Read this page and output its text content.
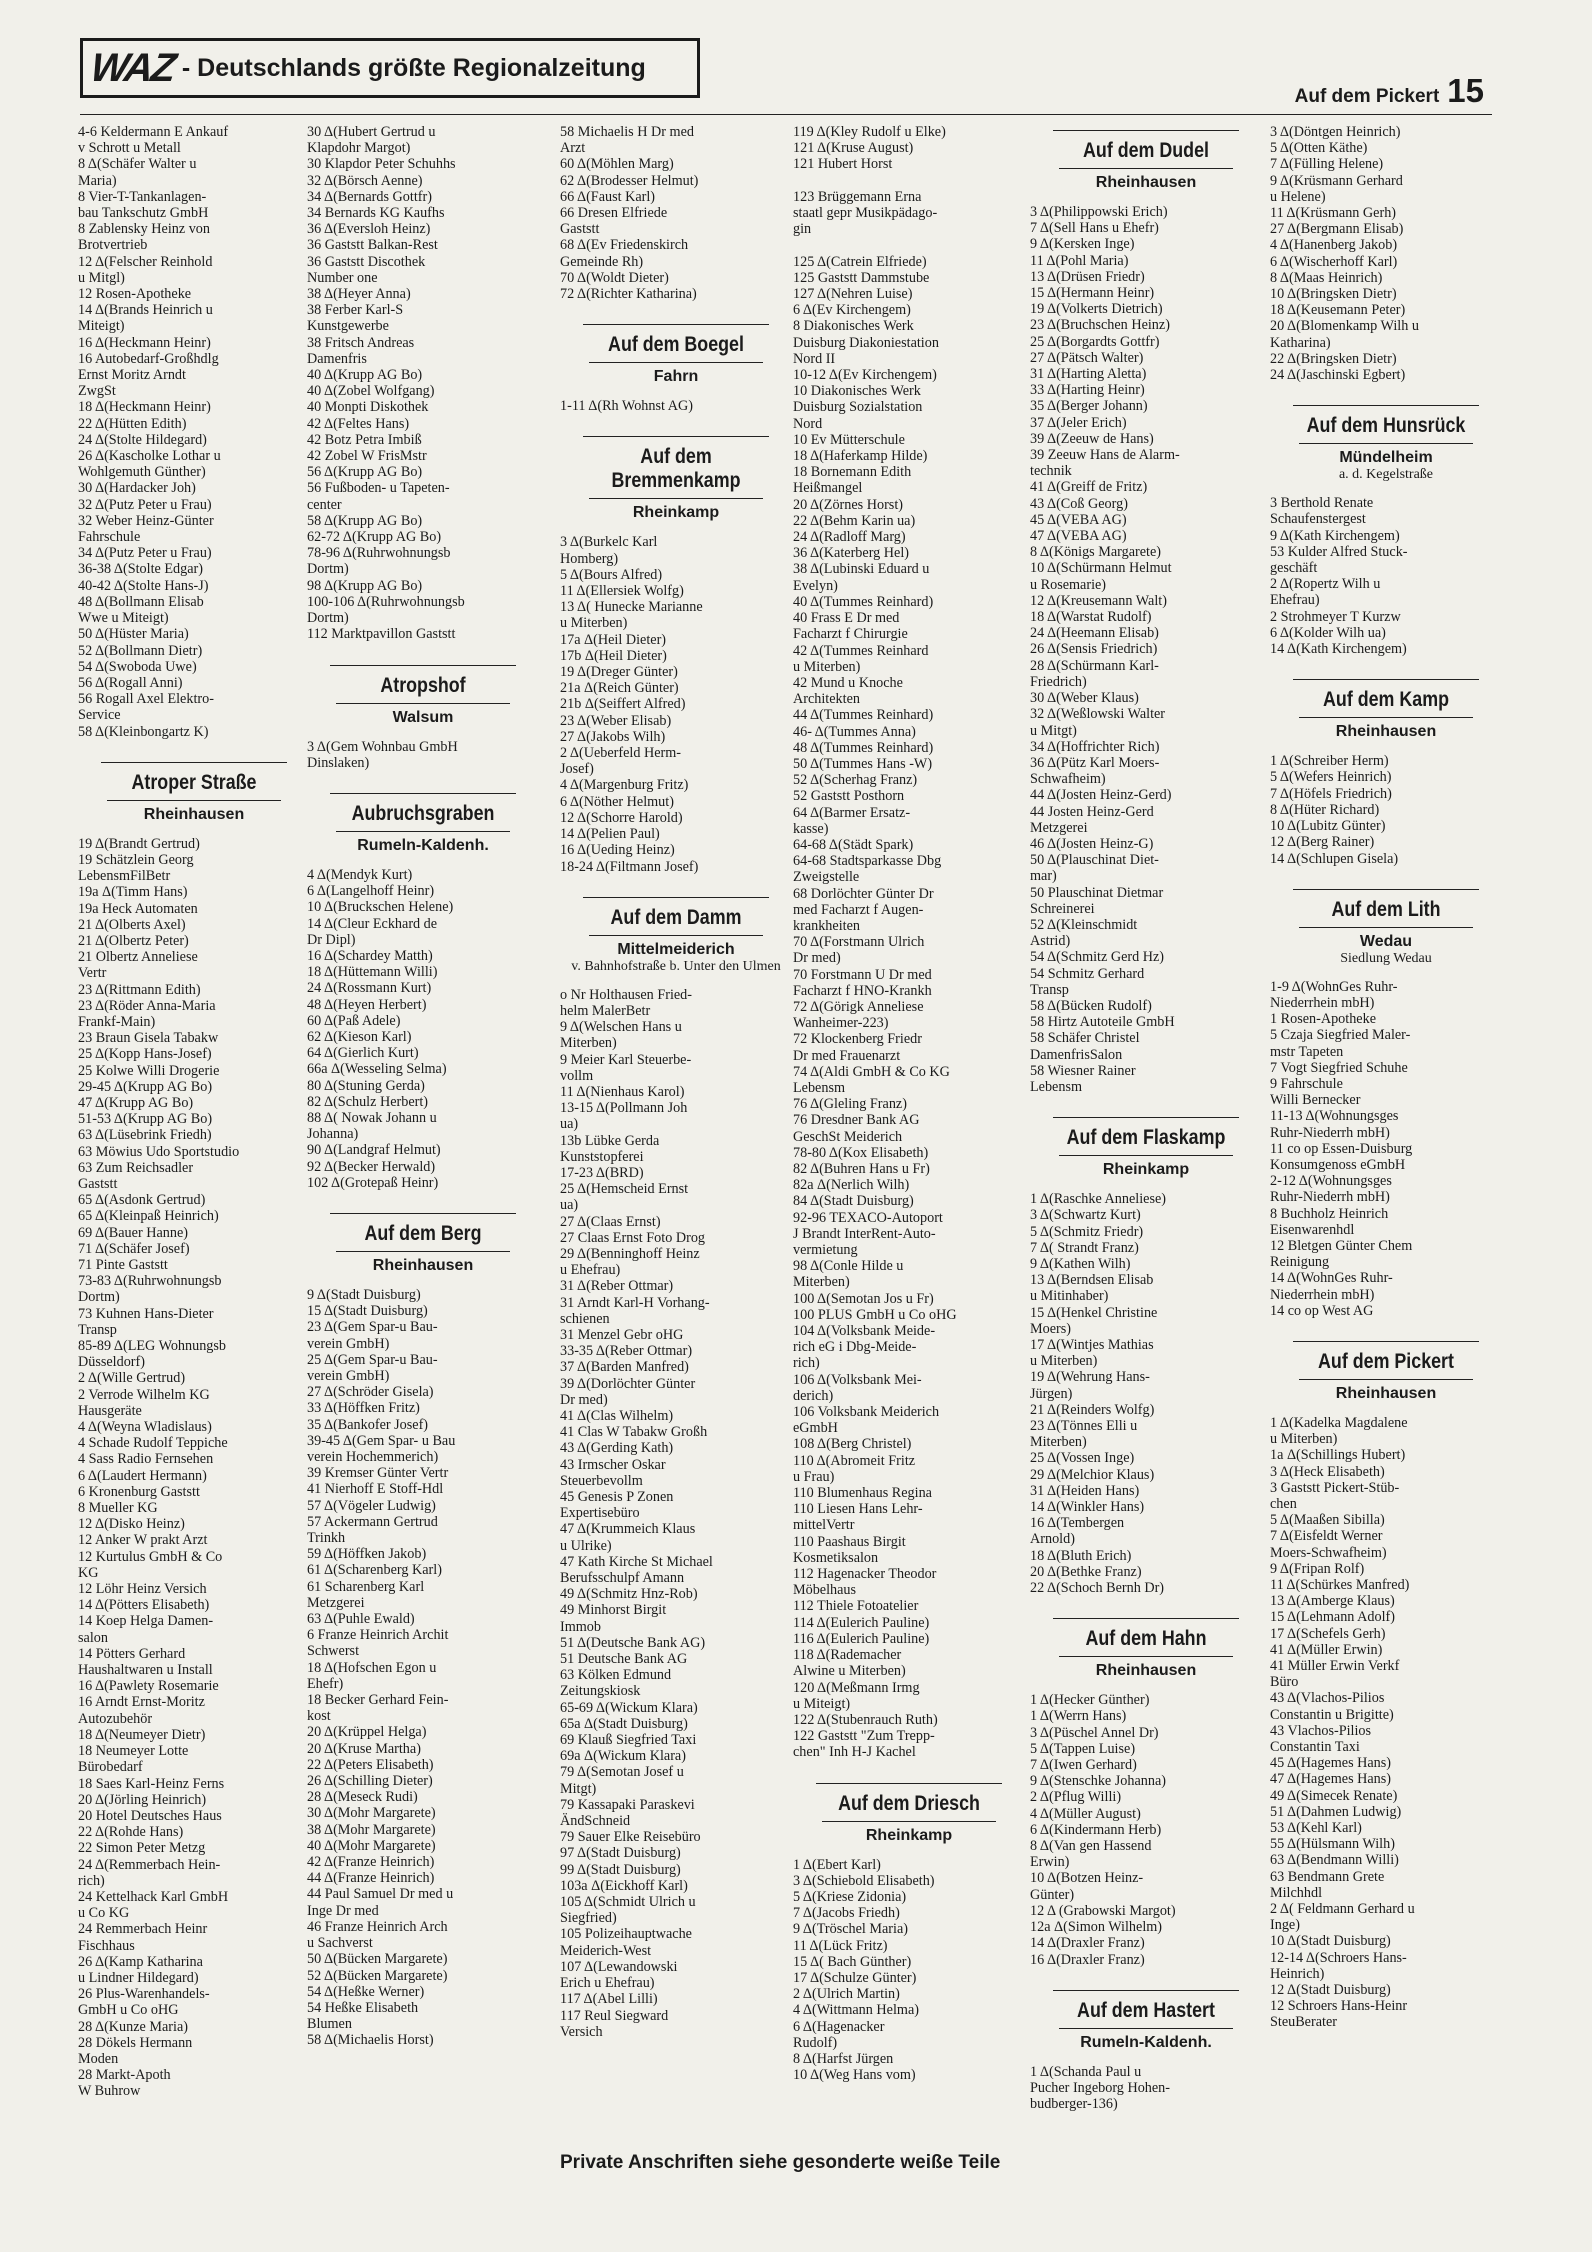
WAZ - Deutschlands größte Regionalzeitung
Auf dem Pickert 15
4-6 Keldermann E Ankauf
v Schrott u Metall
8 Δ(Schäfer Walter u
Maria)
8 Vier-T-Tankanlagen-
bau Tankschutz GmbH
8 Zablensky Heinz von
Brotvertrieb
12 Δ(Felscher Reinhold
u Mitgl)
12 Rosen-Apotheke
14 Δ(Brands Heinrich u
Miteigt)
16 Δ(Heckmann Heinr)
16 Autobedarf-Großhdlg
Ernst Moritz Arndt
ZwgSt
18 Δ(Heckmann Heinr)
22 Δ(Hütten Edith)
24 Δ(Stolte Hildegard)
26 Δ(Kascholke Lothar u
Wohlgemuth Günther)
30 Δ(Hardacker Joh)
32 Δ(Putz Peter u Frau)
32 Weber Heinz-Günter
Fahrschule
34 Δ(Putz Peter u Frau)
36-38 Δ(Stolte Edgar)
40-42 Δ(Stolte Hans-J)
48 Δ(Bollmann Elisab
Wwe u Miteigt)
50 Δ(Hüster Maria)
52 Δ(Bollmann Dietr)
54 Δ(Swoboda Uwe)
56 Δ(Rogall Anni)
56 Rogall Axel Elektro-
Service
58 Δ(Kleinbongartz K)
Atroper Straße
Rheinhausen
19 Δ(Brandt Gertrud)
19 Schätzlein Georg
LebensmFilBetr
19a Δ(Timm Hans)
19a Heck Automaten
21 Δ(Olberts Axel)
21 Δ(Olbertz Peter)
21 Olbertz Anneliese
Vertr
23 Δ(Rittmann Edith)
23 Δ(Röder Anna-Maria
Frankf-Main)
23 Braun Gisela Tabakw
25 Δ(Kopp Hans-Josef)
25 Kolwe Willi Drogerie
29-45 Δ(Krupp AG Bo)
47 Δ(Krupp AG Bo)
51-53 Δ(Krupp AG Bo)
63 Δ(Lüsebrink Friedh)
63 Möwius Udo Sportstudio
63 Zum Reichsadler
Gaststt
65 Δ(Asdonk Gertrud)
65 Δ(Kleinpaß Heinrich)
69 Δ(Bauer Hanne)
71 Δ(Schäfer Josef)
71 Pinte Gaststt
73-83 Δ(Ruhrwohnungsb
Dortm)
73 Kuhnen Hans-Dieter
Transp
85-89 Δ(LEG Wohnungsb
Düsseldorf)
2 Δ(Wille Gertrud)
2 Verrode Wilhelm KG
Hausgeräte
4 Δ(Weyna Wladislaus)
4 Schade Rudolf Teppiche
4 Sass Radio Fernsehen
6 Δ(Laudert Hermann)
6 Kronenburg Gaststt
8 Mueller KG
12 Δ(Disko Heinz)
12 Anker W prakt Arzt
12 Kurtulus GmbH & Co
KG
12 Löhr Heinz Versich
14 Δ(Pötters Elisabeth)
14 Koep Helga Damen-
salon
14 Pötters Gerhard
Haushaltwaren u Install
16 Δ(Pawlety Rosemarie
16 Arndt Ernst-Moritz
Autozubehör
18 Δ(Neumeyer Dietr)
18 Neumeyer Lotte
Bürobedarf
18 Saes Karl-Heinz Ferns
20 Δ(Jörling Heinrich)
20 Hotel Deutsches Haus
22 Δ(Rohde Hans)
22 Simon Peter Metzg
24 Δ(Remmerbach Hein-
rich)
24 Kettelhack Karl GmbH
u Co KG
24 Remmerbach Heinr
Fischhaus
26 Δ(Kamp Katharina
u Lindner Hildegard)
26 Plus-Warenhandels-
GmbH u Co oHG
28 Δ(Kunze Maria)
28 Dökels Hermann
Moden
28 Markt-Apoth
W Buhrow
30 Δ(Hubert Gertrud u
Klapdohr Margot)
30 Klapdor Peter Schuhhs
32 Δ(Börsch Aenne)
34 Δ(Bernards Gottfr)
34 Bernards KG Kaufhs
36 Δ(Eversloh Heinz)
36 Gaststt Balkan-Rest
36 Gaststt Discothek
Number one
38 Δ(Heyer Anna)
38 Ferber Karl-S
Kunstgewerbe
38 Fritsch Andreas
Damenfris
40 Δ(Krupp AG Bo)
40 Δ(Zobel Wolfgang)
40 Monpti Diskothek
42 Δ(Feltes Hans)
42 Botz Petra Imbiß
42 Zobel W FrisMstr
56 Δ(Krupp AG Bo)
56 Fußboden- u Tapeten-
center
58 Δ(Krupp AG Bo)
62-72 Δ(Krupp AG Bo)
78-96 Δ(Ruhrwohnungsb
Dortm)
98 Δ(Krupp AG Bo)
100-106 Δ(Ruhrwohnungsb
Dortm)
112 Marktpavillon Gaststt
Atropshof
Walsum
3 Δ(Gem Wohnbau GmbH
Dinslaken)
Aubruchsgraben
Rumeln-Kaldenh.
4 Δ(Mendyk Kurt)
6 Δ(Langelhoff Heinr)
10 Δ(Bruckschen Helene)
14 Δ(Cleur Eckhard de
Dr Dipl)
16 Δ(Schardey Matth)
18 Δ(Hüttemann Willi)
24 Δ(Rossmann Kurt)
48 Δ(Heyen Herbert)
60 Δ(Paß Adele)
62 Δ(Kieson Karl)
64 Δ(Gierlich Kurt)
66a Δ(Wesseling Selma)
80 Δ(Stuning Gerda)
82 Δ(Schulz Herbert)
88 Δ( Nowak Johann u
Johanna)
90 Δ(Landgraf Helmut)
92 Δ(Becker Herwald)
102 Δ(Grotepaß Heinr)
Auf dem Berg
Rheinhausen
9 Δ(Stadt Duisburg)
15 Δ(Stadt Duisburg)
23 Δ(Gem Spar-u Bau-
verein GmbH)
25 Δ(Gem Spar-u Bau-
verein GmbH)
27 Δ(Schröder Gisela)
33 Δ(Höffken Fritz)
35 Δ(Bankofer Josef)
39-45 Δ(Gem Spar- u Bau
verein Hochemmerich)
39 Kremser Günter Vertr
41 Nierhoff E Stoff-Hdl
57 Δ(Vögeler Ludwig)
57 Ackermann Gertrud
Trinkh
59 Δ(Höffken Jakob)
61 Δ(Scharenberg Karl)
61 Scharenberg Karl
Metzgerei
63 Δ(Puhle Ewald)
6 Franze Heinrich Archit
Schwerst
18 Δ(Hofschen Egon u
Ehefr)
18 Becker Gerhard Fein-
kost
20 Δ(Krüppel Helga)
20 Δ(Kruse Martha)
22 Δ(Peters Elisabeth)
26 Δ(Schilling Dieter)
28 Δ(Meseck Rudi)
30 Δ(Mohr Margarete)
38 Δ(Mohr Margarete)
40 Δ(Mohr Margarete)
42 Δ(Franze Heinrich)
44 Δ(Franze Heinrich)
44 Paul Samuel Dr med u
Inge Dr med
46 Franze Heinrich Arch
u Sachverst
50 Δ(Bücken Margarete)
52 Δ(Bücken Margarete)
54 Δ(Heßke Werner)
54 Heßke Elisabeth
Blumen
58 Δ(Michaelis Horst)
58 Michaelis H Dr med
Arzt
60 Δ(Möhlen Marg)
62 Δ(Brodesser Helmut)
66 Δ(Faust Karl)
66 Dresen Elfriede
Gaststt
68 Δ(Ev Friedenskirch
Gemeinde Rh)
70 Δ(Woldt Dieter)
72 Δ(Richter Katharina)
Auf dem Boegel
Fahrn
1-11 Δ(Rh Wohnst AG)
Auf dem Bremmenkamp
Rheinkamp
3 Δ(Burkelc Karl
Homberg)
5 Δ(Bours Alfred)
11 Δ(Ellersiek Wolfg)
13 Δ( Hunecke Marianne
u Miterben)
17a Δ(Heil Dieter)
17b Δ(Heil Dieter)
19 Δ(Dreger Günter)
21a Δ(Reich Günter)
21b Δ(Seiffert Alfred)
23 Δ(Weber Elisab)
27 Δ(Jakobs Wilh)
2 Δ(Ueberfeld Herm-
Josef)
4 Δ(Margenburg Fritz)
6 Δ(Nöther Helmut)
12 Δ(Schorre Harold)
14 Δ(Pelien Paul)
16 Δ(Ueding Heinz)
18-24 Δ(Filtmann Josef)
Auf dem Damm
Mittelmeiderich
v. Bahnhofstraße b. Unter den Ulmen
o Nr Holthausen Fried-
helm MalerBetr
9 Δ(Welschen Hans u
Miterben)
9 Meier Karl Steuerbe-
vollm
11 Δ(Nienhaus Karol)
13-15 Δ(Pollmann Joh
ua)
13b Lübke Gerda
Kunststopferei
17-23 Δ(BRD)
25 Δ(Hemscheid Ernst
ua)
27 Δ(Claas Ernst)
27 Claas Ernst Foto Drog
29 Δ(Benninghoff Heinz
u Ehefrau)
31 Δ(Reber Ottmar)
31 Arndt Karl-H Vorhang-
schienen
31 Menzel Gebr oHG
33-35 Δ(Reber Ottmar)
37 Δ(Barden Manfred)
39 Δ(Dorlöchter Günter
Dr med)
41 Δ(Clas Wilhelm)
41 Clas W Tabakw Großh
43 Δ(Gerding Kath)
43 Irmscher Oskar
Steuerbevollm
45 Genesis P Zonen
Expertisebüro
47 Δ(Krummeich Klaus
u Ulrike)
47 Kath Kirche St Michael
Berufsschulpf Amann
49 Δ(Schmitz Hnz-Rob)
49 Minhorst Birgit
Immob
51 Δ(Deutsche Bank AG)
51 Deutsche Bank AG
63 Kölken Edmund
Zeitungskiosk
65-69 Δ(Wickum Klara)
65a Δ(Stadt Duisburg)
69 Klauß Siegfried Taxi
69a Δ(Wickum Klara)
79 Δ(Semotan Josef u
Mitgt)
79 Kassapaki Paraskevi
ÄndSchneid
79 Sauer Elke Reisebüro
97 Δ(Stadt Duisburg)
99 Δ(Stadt Duisburg)
103a Δ(Eickhoff Karl)
105 Δ(Schmidt Ulrich u
Siegfried)
105 Polizeihauptwache
Meiderich-West
107 Δ(Lewandowski
Erich u Ehefrau)
117 Δ(Abel Lilli)
117 Reul Siegward
Versich
119 Δ(Kley Rudolf u Elke)
121 Δ(Kruse August)
121 Hubert Horst

123 Brüggemann Erna
staatl gepr Musikpädago-
gin

125 Δ(Catrein Elfriede)
125 Gaststt Dammstube
127 Δ(Nehren Luise)
6 Δ(Ev Kirchengem)
8 Diakonisches Werk
Duisburg Diakoniestation
Nord II
10-12 Δ(Ev Kirchengem)
10 Diakonisches Werk
Duisburg Sozialstation
Nord
10 Ev Mütterschule
18 Δ(Haferkamp Hilde)
18 Bornemann Edith
Heißmangel
20 Δ(Zörnes Horst)
22 Δ(Behm Karin ua)
24 Δ(Radloff Marg)
36 Δ(Katerberg Hel)
38 Δ(Lubinski Eduard u
Evelyn)
40 Δ(Tummes Reinhard)
40 Frass E Dr med
Facharzt f Chirurgie
42 Δ(Tummes Reinhard
u Miterben)
42 Mund u Knoche
Architekten
44 Δ(Tummes Reinhard)
46- Δ(Tummes Anna)
48 Δ(Tummes Reinhard)
50 Δ(Tummes Hans -W)
52 Δ(Scherhag Franz)
52 Gaststt Posthorn
64 Δ(Barmer Ersatz-
kasse)
64-68 Δ(Städt Spark)
64-68 Stadtsparkasse Dbg
Zweigstelle
68 Dorlöchter Günter Dr
med Facharzt f Augen-
krankheiten
70 Δ(Forstmann Ulrich
Dr med)
70 Forstmann U Dr med
Facharzt f HNO-Krankh
72 Δ(Görigk Anneliese
Wanheimer-223)
72 Klockenberg Friedr
Dr med Frauenarzt
74 Δ(Aldi GmbH & Co KG
Lebensm
76 Δ(Gleling Franz)
76 Dresdner Bank AG
GeschSt Meiderich
78-80 Δ(Kox Elisabeth)
82 Δ(Buhren Hans u Fr)
82a Δ(Nerlich Wilh)
84 Δ(Stadt Duisburg)
92-96 TEXACO-Autoport
J Brandt InterRent-Auto-
vermietung
98 Δ(Conle Hilde u
Miterben)
100 Δ(Semotan Jos u Fr)
100 PLUS GmbH u Co oHG
104 Δ(Volksbank Meide-
rich eG i Dbg-Meide-
rich)
106 Δ(Volksbank Mei-
derich)
106 Volksbank Meiderich
eGmbH
108 Δ(Berg Christel)
110 Δ(Abromeit Fritz
u Frau)
110 Blumenhaus Regina
110 Liesen Hans Lehr-
mittelVertr
110 Paashaus Birgit
Kosmetiksalon
112 Hagenacker Theodor
Möbelhaus
112 Thiele Fotoatelier
114 Δ(Eulerich Pauline)
116 Δ(Eulerich Pauline)
118 Δ(Rademacher
Alwine u Miterben)
120 Δ(Meßmann Irmg
u Miteigt)
122 Δ(Stubenrauch Ruth)
122 Gaststt "Zum Trepp-
chen" Inh H-J Kachel
Auf dem Driesch
Rheinkamp
1 Δ(Ebert Karl)
3 Δ(Schiebold Elisabeth)
5 Δ(Kriese Zidonia)
7 Δ(Jacobs Friedh)
9 Δ(Tröschel Maria)
11 Δ(Lück Fritz)
15 Δ( Bach Günther)
17 Δ(Schulze Günter)
2 Δ(Ulrich Martin)
4 Δ(Wittmann Helma)
6 Δ(Hagenacker
Rudolf)
8 Δ(Harfst Jürgen
10 Δ(Weg Hans vom)
Auf dem Dudel
Rheinhausen
3 Δ(Philippowski Erich)
7 Δ(Sell Hans u Ehefr)
9 Δ(Kersken Inge)
11 Δ(Pohl Maria)
13 Δ(Drüsen Friedr)
15 Δ(Hermann Heinr)
19 Δ(Volkerts Dietrich)
23 Δ(Bruchschen Heinz)
25 Δ(Borgardts Gottfr)
27 Δ(Pätsch Walter)
31 Δ(Harting Aletta)
33 Δ(Harting Heinr)
35 Δ(Berger Johann)
37 Δ(Jeler Erich)
39 Δ(Zeeuw de Hans)
39 Zeeuw Hans de Alarm-
technik
41 Δ(Greiff de Fritz)
43 Δ(Coß Georg)
45 Δ(VEBA AG)
47 Δ(VEBA AG)
8 Δ(Königs Margarete)
10 Δ(Schürmann Helmut
u Rosemarie)
12 Δ(Kreusemann Walt)
18 Δ(Warstat Rudolf)
24 Δ(Heemann Elisab)
26 Δ(Sensis Friedrich)
28 Δ(Schürmann Karl-
Friedrich)
30 Δ(Weber Klaus)
32 Δ(Weßlowski Walter
u Mitgt)
34 Δ(Hoffrichter Rich)
36 Δ(Pütz Karl Moers-
Schwafheim)
44 Δ(Josten Heinz-Gerd)
44 Josten Heinz-Gerd
Metzgerei
46 Δ(Josten Heinz-G)
50 Δ(Plauschinat Diet-
mar)
50 Plauschinat Dietmar
Schreinerei
52 Δ(Kleinschmidt
Astrid)
54 Δ(Schmitz Gerd Hz)
54 Schmitz Gerhard
Transp
58 Δ(Bücken Rudolf)
58 Hirtz Autoteile GmbH
58 Schäfer Christel
DamenfrisSalon
58 Wiesner Rainer
Lebensm
Auf dem Flaskamp
Rheinkamp
1 Δ(Raschke Anneliese)
3 Δ(Schwartz Kurt)
5 Δ(Schmitz Friedr)
7 Δ( Strandt Franz)
9 Δ(Kathen Wilh)
13 Δ(Berndsen Elisab
u Mitinhaber)
15 Δ(Henkel Christine
Moers)
17 Δ(Wintjes Mathias
u Miterben)
19 Δ(Wehrung Hans-
Jürgen)
21 Δ(Reinders Wolfg)
23 Δ(Tönnes Elli u
Miterben)
25 Δ(Vossen Inge)
29 Δ(Melchior Klaus)
31 Δ(Heiden Hans)
14 Δ(Winkler Hans)
16 Δ(Tembergen
Arnold)
18 Δ(Bluth Erich)
20 Δ(Bethke Franz)
22 Δ(Schoch Bernh Dr)
Auf dem Hahn
Rheinhausen
1 Δ(Hecker Günther)
1 Δ(Werrn Hans)
3 Δ(Püschel Annel Dr)
5 Δ(Tappen Luise)
7 Δ(Iwen Gerhard)
9 Δ(Stenschke Johanna)
2 Δ(Pflug Willi)
4 Δ(Müller August)
6 Δ(Kindermann Herb)
8 Δ(Van gen Hassend
Erwin)
10 Δ(Botzen Heinz-
Günter)
12 Δ (Grabowski Margot)
12a Δ(Simon Wilhelm)
14 Δ(Draxler Franz)
16 Δ(Draxler Franz)
Auf dem Hastert
Rumeln-Kaldenh.
1 Δ(Schanda Paul u
Pucher Ingeborg Hohen-
budberger-136)
3 Δ(Döntgen Heinrich)
5 Δ(Otten Käthe)
7 Δ(Fülling Helene)
9 Δ(Krüsmann Gerhard
u Helene)
11 Δ(Krüsmann Gerh)
27 Δ(Bergmann Elisab)
4 Δ(Hanenberg Jakob)
6 Δ(Wischerhoff Karl)
8 Δ(Maas Heinrich)
10 Δ(Bringsken Dietr)
18 Δ(Keusemann Peter)
20 Δ(Blomenkamp Wilh u
Katharina)
22 Δ(Bringsken Dietr)
24 Δ(Jaschinski Egbert)
Auf dem Hunsrück
Mündelheim
a. d. Kegelstraße
3 Berthold Renate
Schaufenstergest
9 Δ(Kath Kirchengem)
53 Kulder Alfred Stuck-
geschäft
2 Δ(Ropertz Wilh u
Ehefrau)
2 Strohmeyer T Kurzw
6 Δ(Kolder Wilh ua)
14 Δ(Kath Kirchengem)
Auf dem Kamp
Rheinhausen
1 Δ(Schreiber Herm)
5 Δ(Wefers Heinrich)
7 Δ(Höfels Friedrich)
8 Δ(Hüter Richard)
10 Δ(Lubitz Günter)
12 Δ(Berg Rainer)
14 Δ(Schlupen Gisela)
Auf dem Lith
Wedau
Siedlung Wedau
1-9 Δ(WohnGes Ruhr-
Niederrhein mbH)
1 Rosen-Apotheke
5 Czaja Siegfried Maler-
mstr Tapeten
7 Vogt Siegfried Schuhe
9 Fahrschule
Willi Bernecker
11-13 Δ(Wohnungsges
Ruhr-Niederrh mbH)
11 co op Essen-Duisburg
Konsumgenoss eGmbH
2-12 Δ(Wohnungsges
Ruhr-Niederrh mbH)
8 Buchholz Heinrich
Eisenwarenhdl
12 Bletgen Günter Chem
Reinigung
14 Δ(WohnGes Ruhr-
Niederrhein mbH)
14 co op West AG
Auf dem Pickert
Rheinhausen
1 Δ(Kadelka Magdalene
u Miterben)
1a Δ(Schillings Hubert)
3 Δ(Heck Elisabeth)
3 Gaststt Pickert-Stüb-
chen
5 Δ(Maaßen Sibilla)
7 Δ(Eisfeldt Werner
Moers-Schwafheim)
9 Δ(Fripan Rolf)
11 Δ(Schürkes Manfred)
13 Δ(Amberge Klaus)
15 Δ(Lehmann Adolf)
17 Δ(Schefels Gerh)
41 Δ(Müller Erwin)
41 Müller Erwin Verkf
Büro
43 Δ(Vlachos-Pilios
Constantin u Brigitte)
43 Vlachos-Pilios
Constantin Taxi
45 Δ(Hagemes Hans)
47 Δ(Hagemes Hans)
49 Δ(Simecek Renate)
51 Δ(Dahmen Ludwig)
53 Δ(Kehl Karl)
55 Δ(Hülsmann Wilh)
63 Δ(Bendmann Willi)
63 Bendmann Grete
Milchhdl
2 Δ( Feldmann Gerhard u
Inge)
10 Δ(Stadt Duisburg)
12-14 Δ(Schroers Hans-
Heinrich)
12 Δ(Stadt Duisburg)
12 Schroers Hans-Heinr
SteuBerater
Private Anschriften siehe gesonderte weiße Teile
